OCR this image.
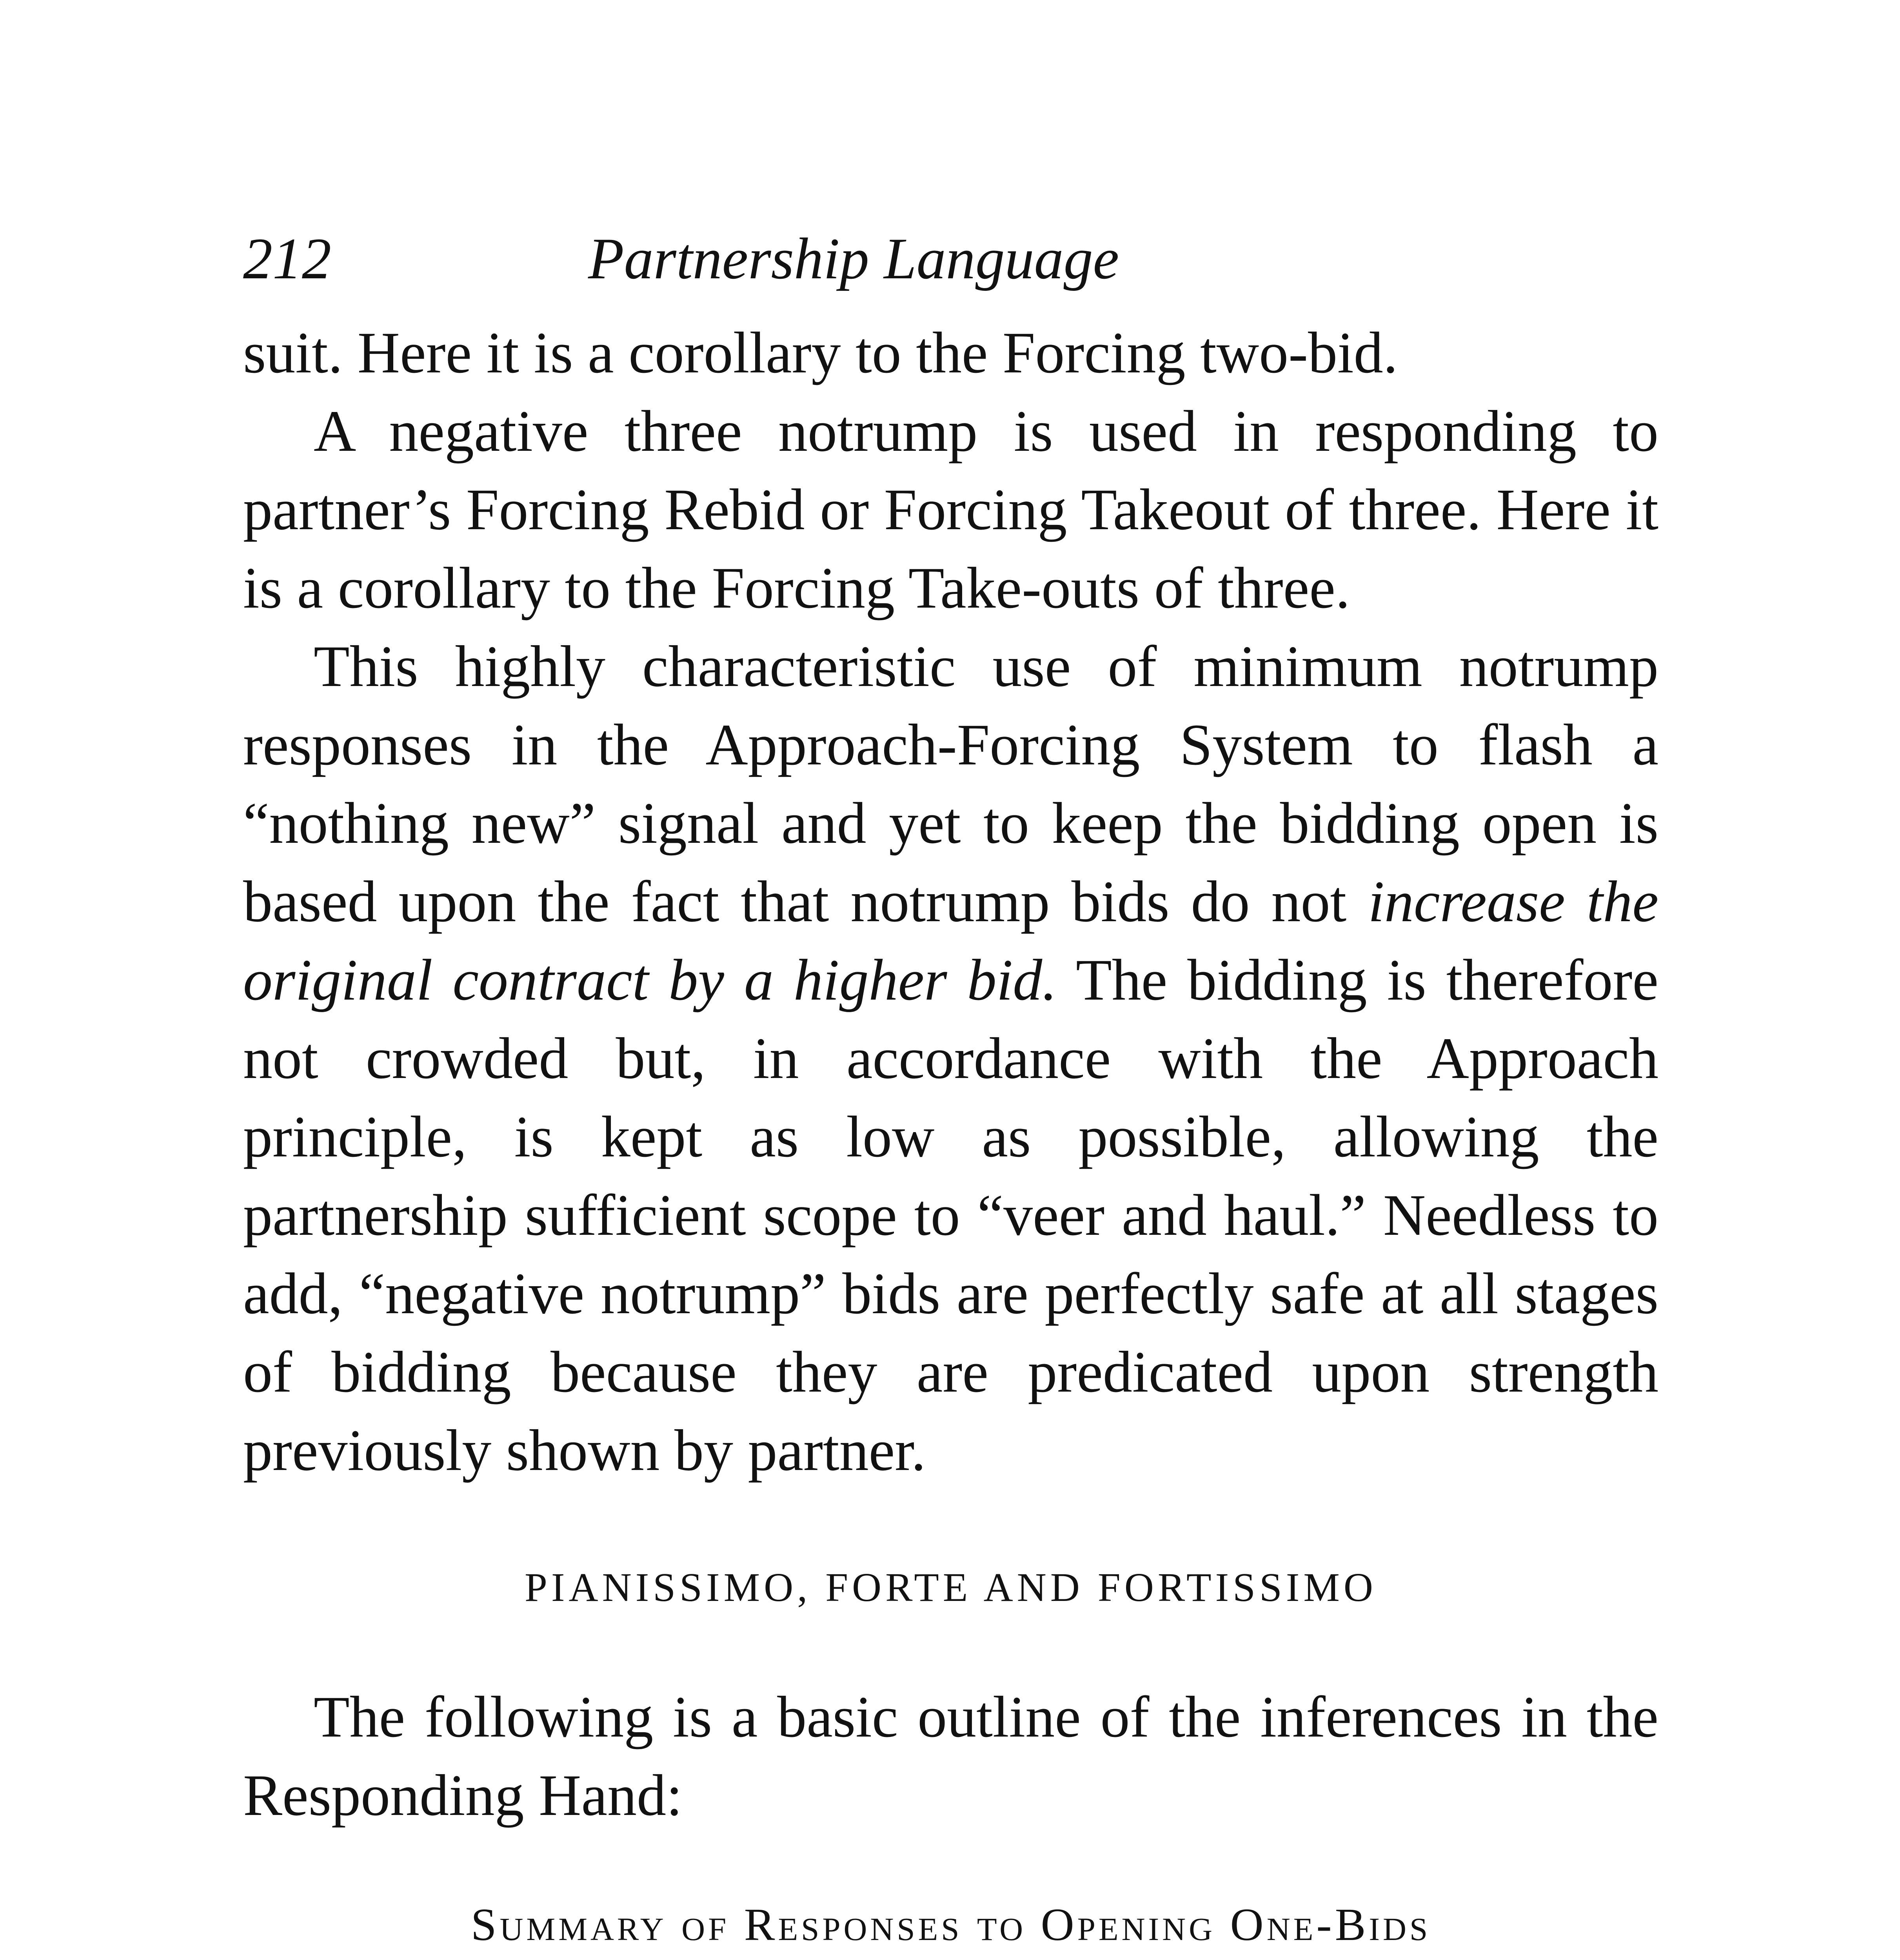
212	Partnership Language

suit. Here it is a corollary to the Forcing two-bid.

A negative three notrump is used in responding to partner’s Forcing Rebid or Forcing Takeout of three. Here it is a corollary to the Forcing Take-outs of three.

This highly characteristic use of minimum notrump responses in the Approach-Forcing System to flash a “nothing new” signal and yet to keep the bidding open is based upon the fact that notrump bids do not increase the original contract by a higher bid. The bidding is therefore not crowded but, in accordance with the Approach principle, is kept as low as possible, allowing the partnership sufficient scope to “veer and haul.” Needless to add, “negative notrump” bids are perfectly safe at all stages of bidding because they are predicated upon strength previously shown by partner.

PIANISSIMO, FORTE AND FORTISSIMO

The following is a basic outline of the inferences in the Responding Hand:

Summary of Responses to Opening One-Bids
